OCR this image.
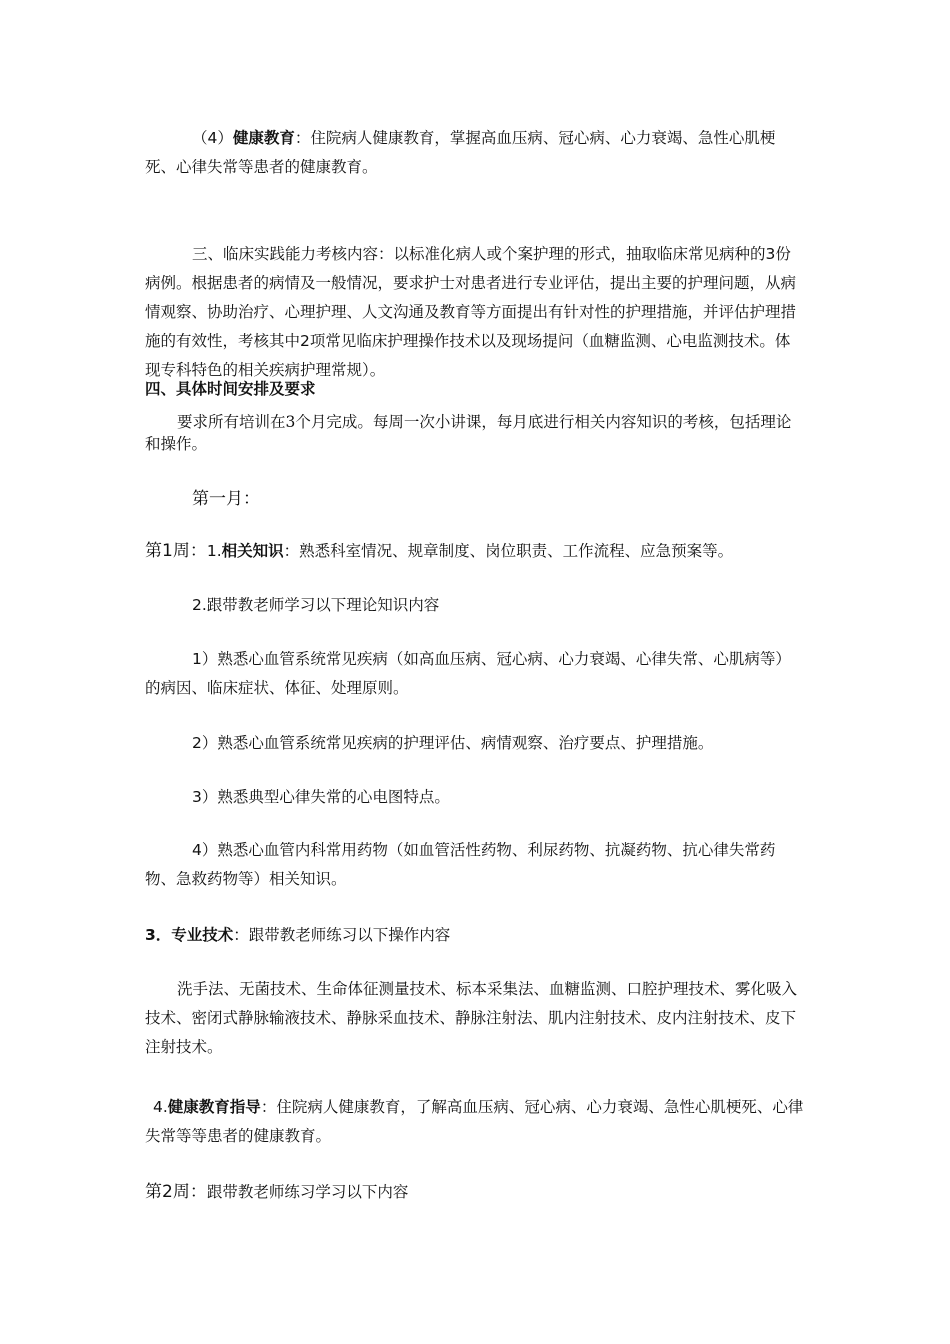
（4）健康教育：住院病人健康教育，掌握高血压病、冠心病、心力衰竭、急性心肌梗死、心律失常等患者的健康教育。

三、临床实践能力考核内容：以标准化病人或个案护理的形式，抽取临床常见病种的3份病例。根据患者的病情及一般情况，要求护士对患者进行专业评估，提出主要的护理问题，从病情观察、协助治疗、心理护理、人文沟通及教育等方面提出有针对性的护理措施，并评估护理措施的有效性，考核其中2项常见临床护理操作技术以及现场提问（血糖监测、心电监测技术。体现专科特色的相关疾病护理常规）。

四、具体时间安排及要求

要求所有培训在3个月完成。每周一次小讲课，每月底进行相关内容知识的考核，包括理论和操作。

第一月：

第1周：1.相关知识：熟悉科室情况、规章制度、岗位职责、工作流程、应急预案等。

2.跟带教老师学习以下理论知识内容

1）熟悉心血管系统常见疾病（如高血压病、冠心病、心力衰竭、心律失常、心肌病等）的病因、临床症状、体征、处理原则。

2）熟悉心血管系统常见疾病的护理评估、病情观察、治疗要点、护理措施。

3）熟悉典型心律失常的心电图特点。

4）熟悉心血管内科常用药物（如血管活性药物、利尿药物、抗凝药物、抗心律失常药物、急救药物等）相关知识。

3．专业技术：跟带教老师练习以下操作内容

洗手法、无菌技术、生命体征测量技术、标本采集法、血糖监测、口腔护理技术、雾化吸入技术、密闭式静脉输液技术、静脉采血技术、静脉注射法、肌内注射技术、皮内注射技术、皮下注射技术。

4.健康教育指导：住院病人健康教育，了解高血压病、冠心病、心力衰竭、急性心肌梗死、心律失常等等患者的健康教育。

第2周：跟带教老师练习学习以下内容
